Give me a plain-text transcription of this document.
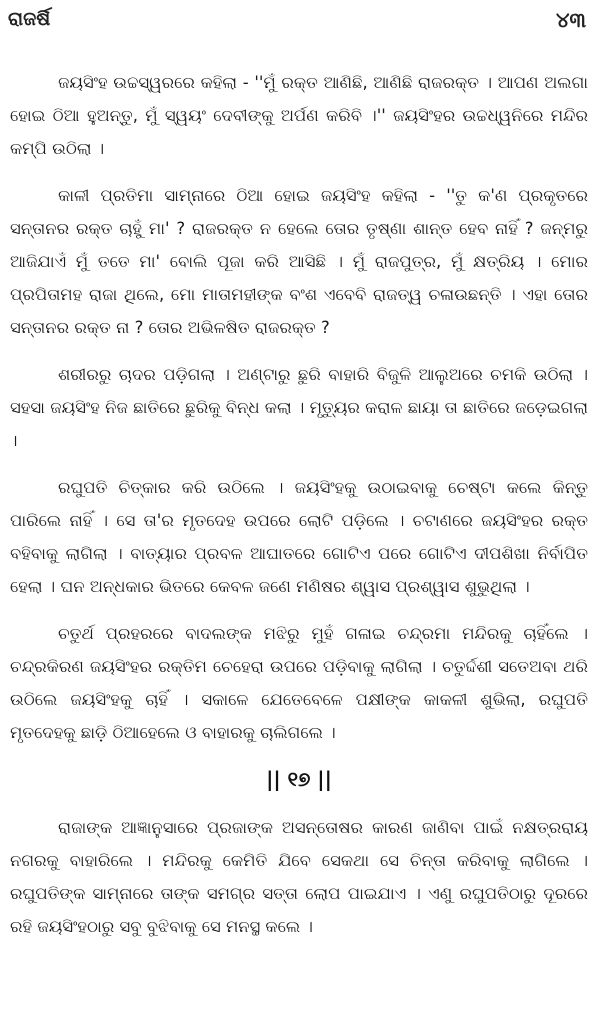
ରାଜର୍ଷି	୪୩

ଜୟସିଂହ ଉଚ୍ଚସ୍ୱରରେ କହିଲା - ''ମୁଁ ରକ୍ତ ଆଣିଛି, ଆଣିଛି ରାଜରକ୍ତ । ଆପଣ ଅଲଗା ହୋଇ ଠିଆ ହୁଅନ୍ତୁ, ମୁଁ ସ୍ୱୟଂ ଦେବୀଙ୍କୁ ଅର୍ପଣ କରିବି ।'' ଜୟସିଂହର ଉଚ୍ଚଧ୍ୱନିରେ ମନ୍ଦିର କମ୍ପି ଉଠିଲା ।

କାଳୀ ପ୍ରତିମା ସାମ୍ନାରେ ଠିଆ ହୋଇ ଜୟସିଂହ କହିଲା - ''ତୁ କ'ଣ ପ୍ରକୃତରେ ସନ୍ତାନର ରକ୍ତ ଚାହୁଁ ମା' ? ରାଜରକ୍ତ ନ ହେଲେ ତୋର ତୃଷ୍ଣା ଶାନ୍ତ ହେବ ନାହିଁ ? ଜନ୍ମରୁ ଆଜିଯାଏଁ ମୁଁ ତତେ ମା' ବୋଲି ପୂଜା କରି ଆସିଛି । ମୁଁ ରାଜପୁତ୍ର, ମୁଁ କ୍ଷତ୍ରିୟ । ମୋର ପ୍ରପିତାମହ ରାଜା ଥିଲେ, ମୋ ମାତାମହୀଙ୍କ ବଂଶ ଏବେବି ରାଜତ୍ୱ ଚଳାଉଛନ୍ତି । ଏହା ତୋର ସନ୍ତାନର ରକ୍ତ ନା ? ତୋର ଅଭିଳଷିତ ରାଜରକ୍ତ ?

ଶରୀରରୁ ଚାଦର ପଡ଼ିଗଲା । ଅଣ୍ଟାରୁ ଛୁରି ବାହାରି ବିଜୁଳି ଆଲୁଅରେ ଚମକି ଉଠିଲା । ସହସା ଜୟସିଂହ ନିଜ ଛାତିରେ ଛୁରିକୁ ବିନ୍ଧ କଲା । ମୃତ୍ୟୁର କରାଳ ଛାୟା ତା ଛାତିରେ ଜଡ଼େଇଗଲା ।

ରଘୁପତି ଚିତ୍କାର କରି ଉଠିଲେ । ଜୟସିଂହକୁ ଉଠାଇବାକୁ ଚେଷ୍ଟା କଲେ କିନ୍ତୁ ପାରିଲେ ନାହିଁ । ସେ ତା'ର ମୃତଦେହ ଉପରେ ଲୋଟି ପଡ଼ିଲେ । ଚଟାଣରେ ଜୟସିଂହର ରକ୍ତ ବହିବାକୁ ଲାଗିଲା । ବାତ୍ୟାର ପ୍ରବଳ ଆଘାତରେ ଗୋଟିଏ ପରେ ଗୋଟିଏ ଦୀପଶିଖା ନିର୍ବାପିତ ହେଲା । ଘନ ଅନ୍ଧକାର ଭିତରେ କେବଳ ଜଣେ ମଣିଷର ଶ୍ୱାସ ପ୍ରଶ୍ୱାସ ଶୁଭୁଥିଲା ।

ଚତୁର୍ଥ ପ୍ରହରରେ ବାଦଲଙ୍କ ମଝିରୁ ମୁହଁ ଗଳାଇ ଚନ୍ଦ୍ରମା ମନ୍ଦିରକୁ ଚାହିଁଲେ । ଚନ୍ଦ୍ରକିରଣ ଜୟସିଂହର ରକ୍ତିମ ଚେହେରା ଉପରେ ପଡ଼ିବାକୁ ଲାଗିଲା । ଚତୁର୍ଦ୍ଦଶୀ ସତେଅବା ଥରି ଉଠିଲେ ଜୟସିଂହକୁ ଚାହିଁ । ସକାଳେ ଯେତେବେଳେ ପକ୍ଷୀଙ୍କ କାକଳୀ ଶୁଭିଲା, ରଘୁପତି ମୃତଦେହକୁ ଛାଡ଼ି ଠିଆହେଲେ ଓ ବାହାରକୁ ଚାଲିଗଲେ ।

|| ୧୭ ||

ରାଜାଙ୍କ ଆଜ୍ଞାନୁସାରେ ପ୍ରଜାଙ୍କ ଅସନ୍ତୋଷର କାରଣ ଜାଣିବା ପାଇଁ ନକ୍ଷତ୍ରରାୟ ନଗରକୁ ବାହାରିଲେ । ମନ୍ଦିରକୁ କେମିତି ଯିବେ ସେକଥା ସେ ଚିନ୍ତା କରିବାକୁ ଲାଗିଲେ । ରଘୁପତିଙ୍କ ସାମ୍ନାରେ ତାଙ୍କ ସମଗ୍ର ସତ୍ତା ଲୋପ ପାଇଯାଏ । ଏଣୁ ରଘୁପତିଠାରୁ ଦୂରରେ ରହି ଜୟସିଂହଠାରୁ ସବୁ ବୁଝିବାକୁ ସେ ମନସ୍ଥ କଲେ ।
